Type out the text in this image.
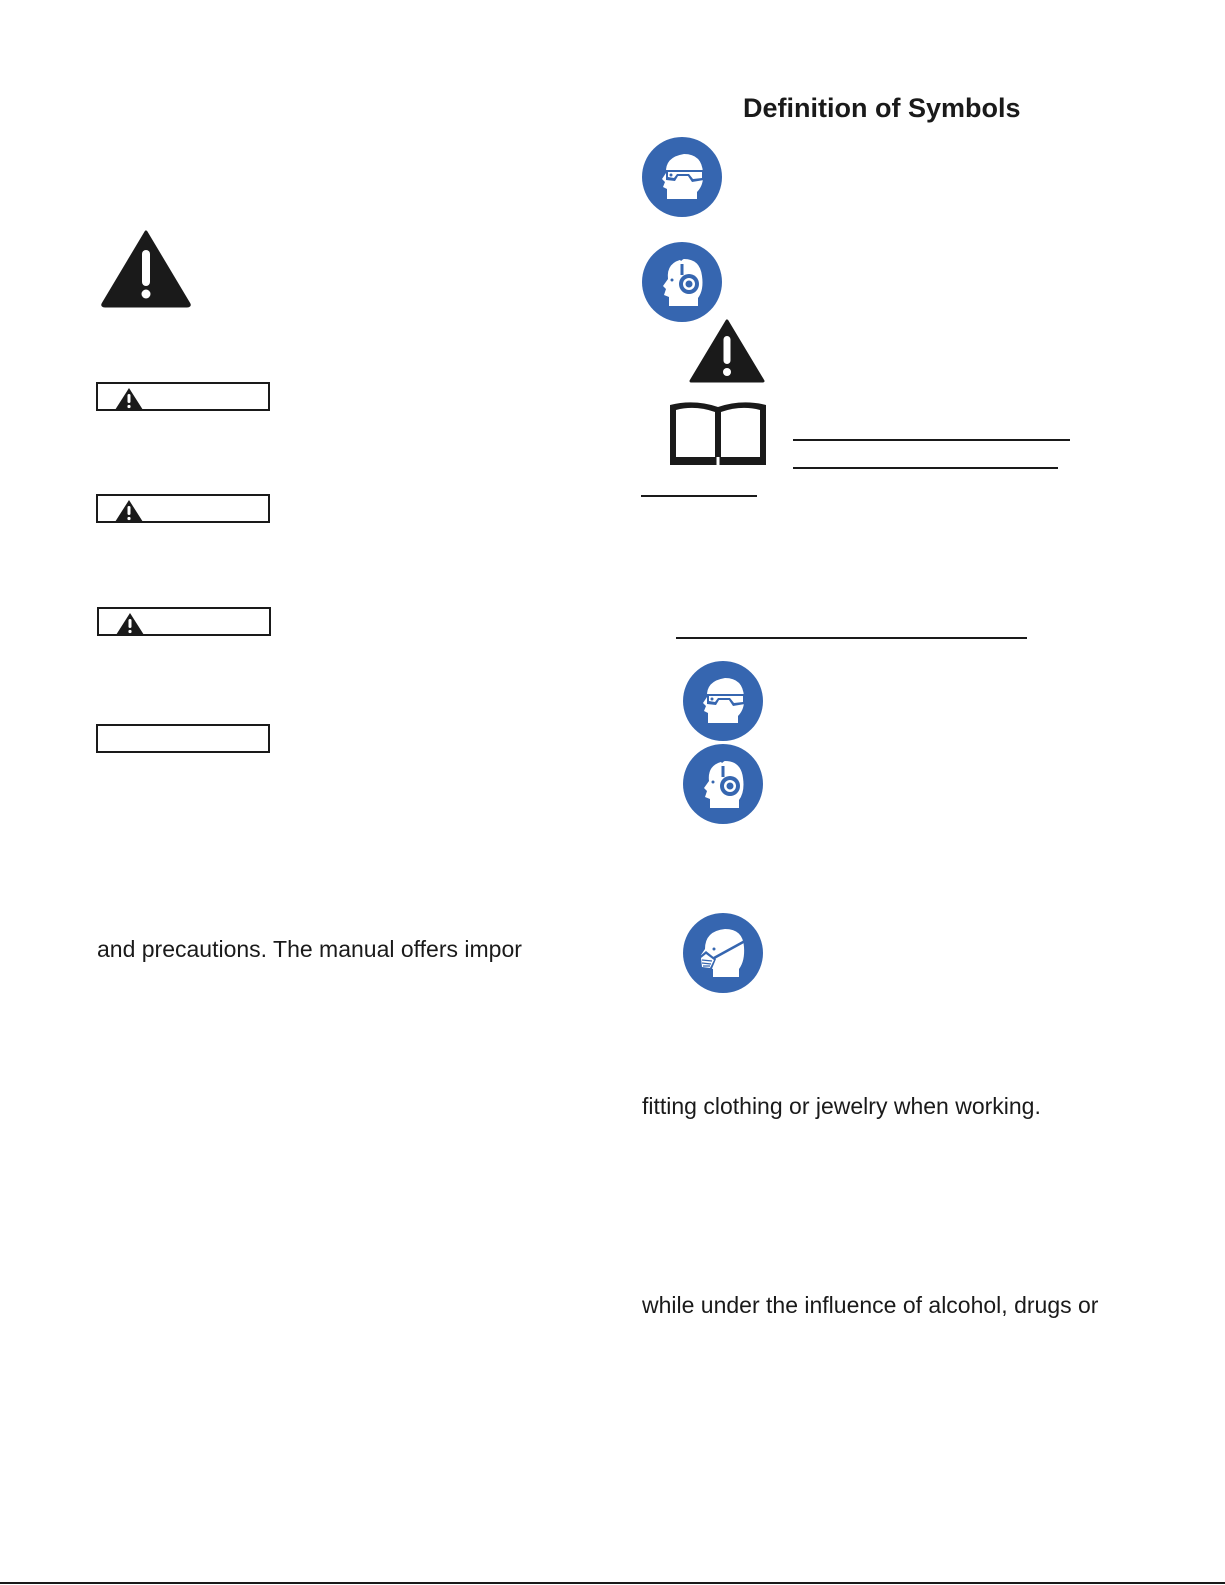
and precautions. The manual offers impor
Definition of Symbols
fitting clothing or jewelry when working.
while under the influence of alcohol, drugs or
